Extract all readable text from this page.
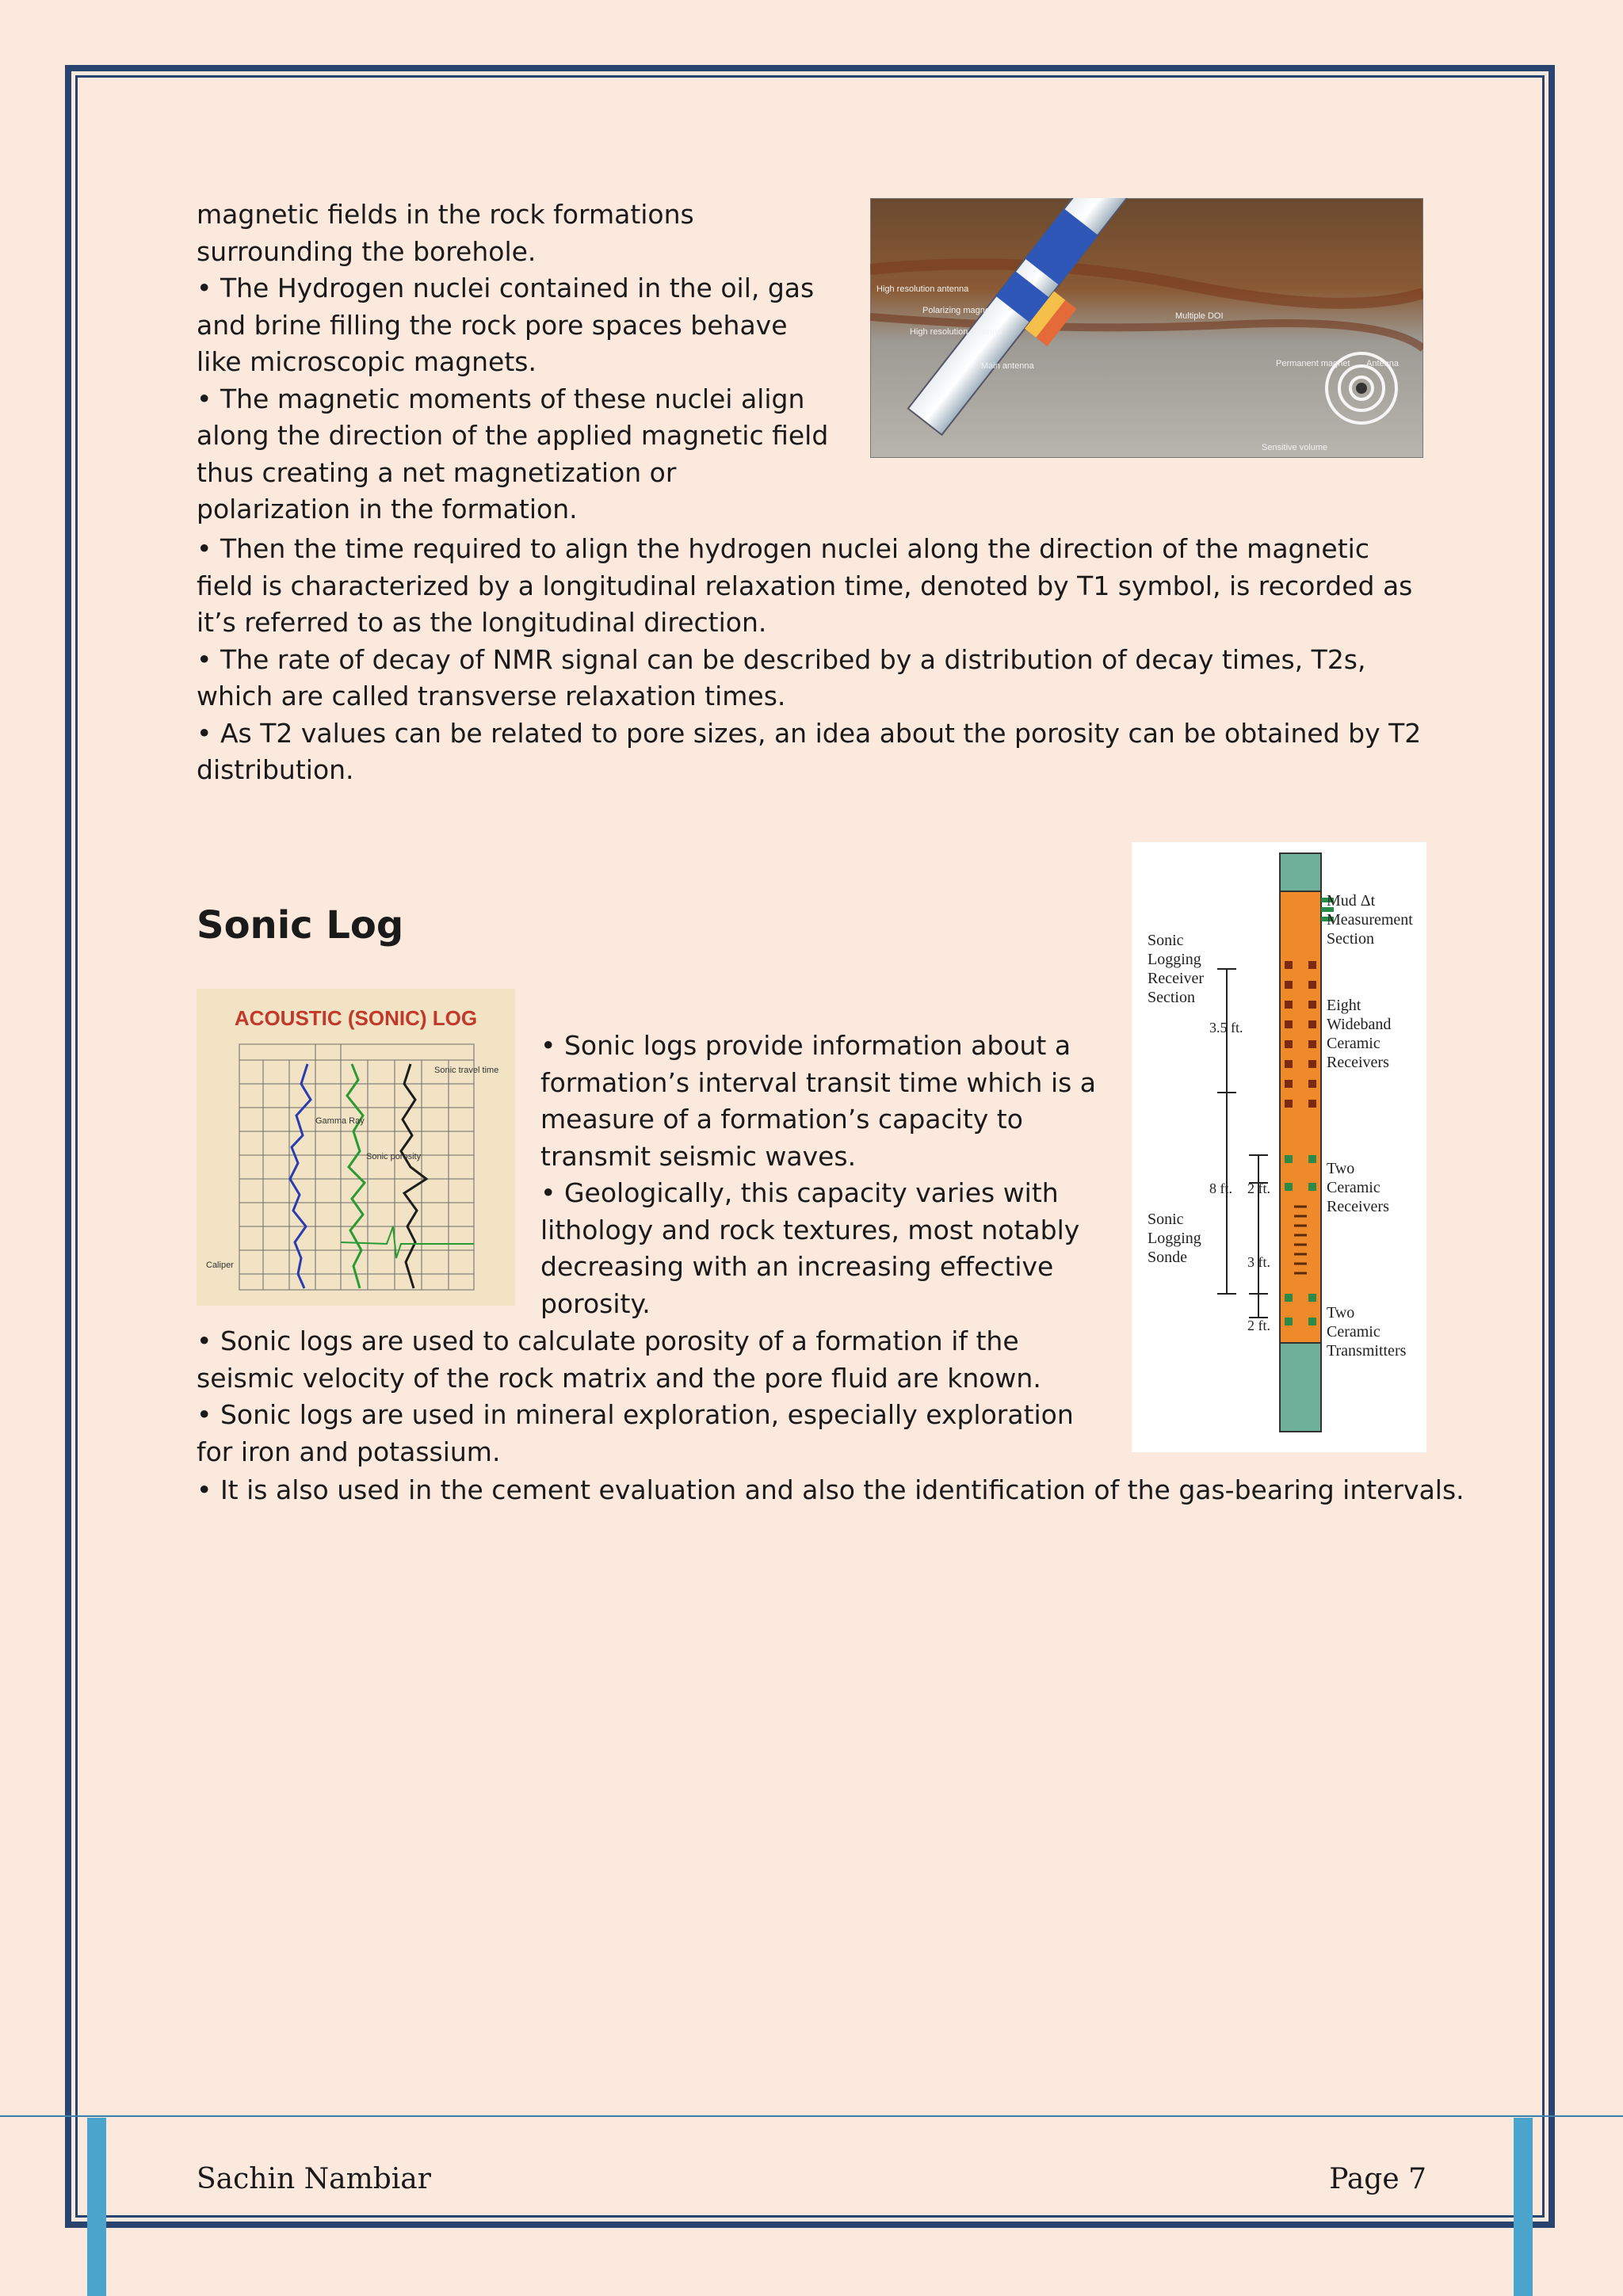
magnetic fields in the rock formations surrounding the borehole.

• The Hydrogen nuclei contained in the oil, gas and brine filling the rock pore spaces behave like microscopic magnets.

• The magnetic moments of these nuclei align along the direction of the applied magnetic field thus creating a net magnetization or polarization in the formation.

• Then the time required to align the hydrogen nuclei along the direction of the magnetic field is characterized by a longitudinal relaxation time, denoted by T1 symbol, is recorded as it’s referred to as the longitudinal direction.

• The rate of decay of NMR signal can be described by a distribution of decay times, T2s, which are called transverse relaxation times.

• As T2 values can be related to pore sizes, an idea about the porosity can be obtained by T2 distribution.

High resolution antenna
Polarizing magnet
High resolution antenna
Main antenna
Multiple DOI
Permanent magnet Antenna
Sensitive volume
Sonic Log
ACOUSTIC (SONIC) LOG
Sonic travel time
Gamma Ray
Sonic porosity
Caliper

• Sonic logs provide information about a formation’s interval transit time which is a measure of a formation’s capacity to transmit seismic waves.

• Geologically, this capacity varies with lithology and rock textures, most notably decreasing with an increasing effective porosity.

• Sonic logs are used to calculate porosity of a formation if the seismic velocity of the rock matrix and the pore fluid are known.

• Sonic logs are used in mineral exploration, especially exploration for iron and potassium.

• It is also used in the cement evaluation and also the identification of the gas-bearing intervals.

Mud Δt
Measurement
Section
Sonic
Logging
Receiver
Section	Eight
Wideband
Ceramic
Receivers
Two
Ceramic
Receivers
Sonic
Logging
Sonde
Two
Ceramic
Transmitters
3.5 ft.
8 ft. 2 ft.
3 ft.
2 ft.
Sachin Nambiar	Page 7
